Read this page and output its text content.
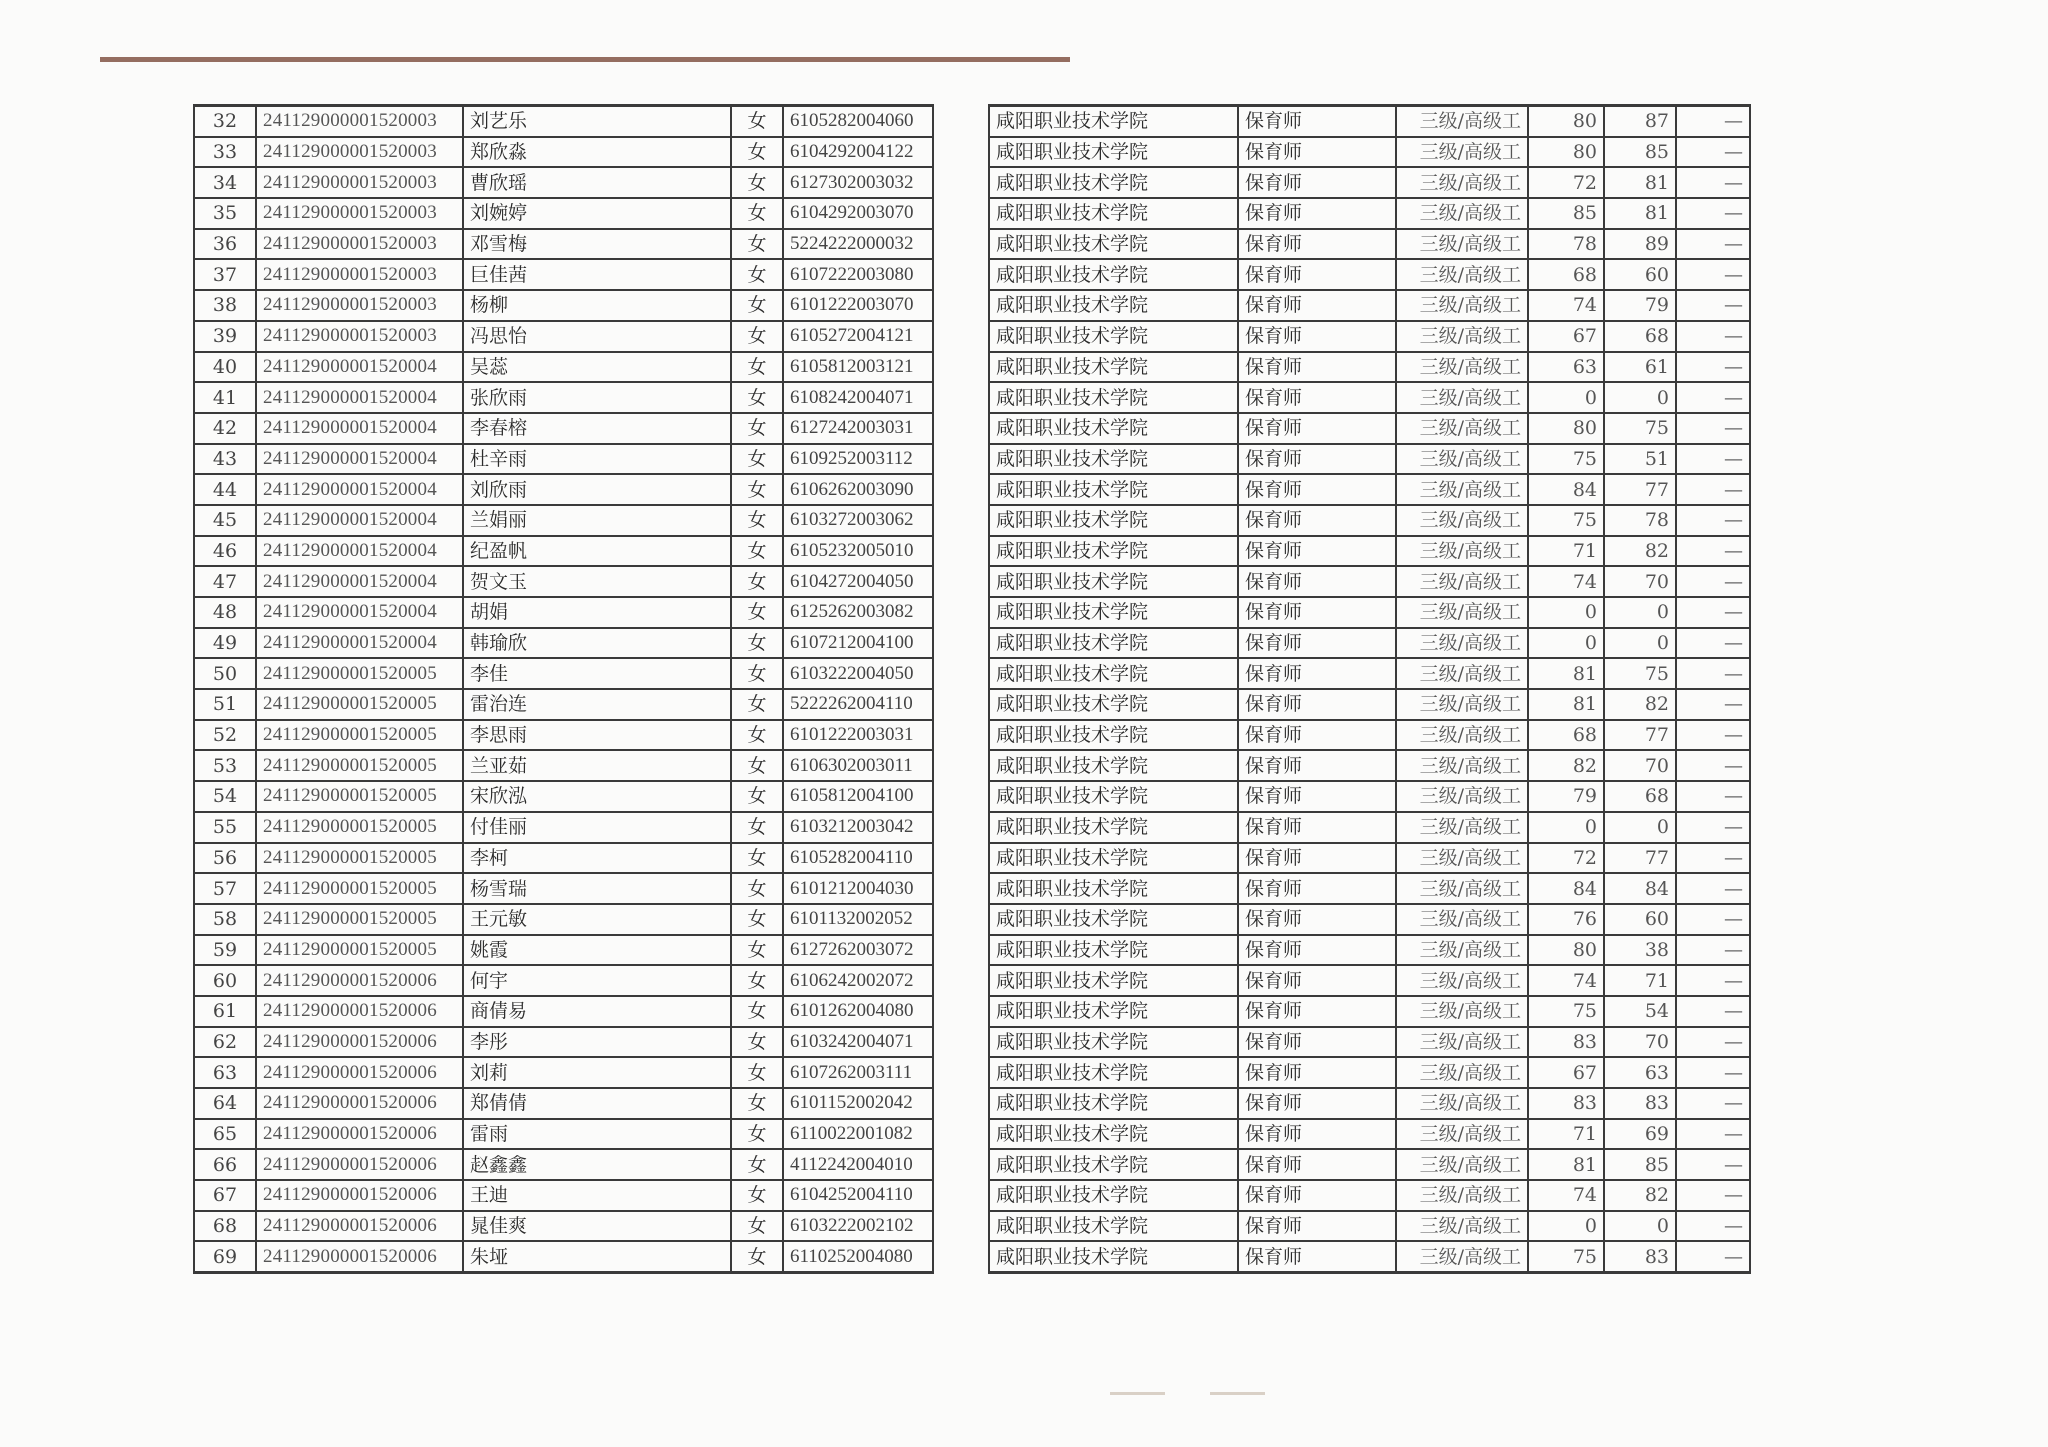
32	241129000001520003	刘艺乐	女	6105282004060		咸阳职业技术学院	保育师	三级/高级工	80	87	—
33	241129000001520003	郑欣淼	女	6104292004122		咸阳职业技术学院	保育师	三级/高级工	80	85	—
34	241129000001520003	曹欣瑶	女	6127302003032		咸阳职业技术学院	保育师	三级/高级工	72	81	—
35	241129000001520003	刘婉婷	女	6104292003070		咸阳职业技术学院	保育师	三级/高级工	85	81	—
36	241129000001520003	邓雪梅	女	5224222000032		咸阳职业技术学院	保育师	三级/高级工	78	89	—
37	241129000001520003	巨佳茜	女	6107222003080		咸阳职业技术学院	保育师	三级/高级工	68	60	—
38	241129000001520003	杨柳	女	6101222003070		咸阳职业技术学院	保育师	三级/高级工	74	79	—
39	241129000001520003	冯思怡	女	6105272004121		咸阳职业技术学院	保育师	三级/高级工	67	68	—
40	241129000001520004	吴蕊	女	6105812003121		咸阳职业技术学院	保育师	三级/高级工	63	61	—
41	241129000001520004	张欣雨	女	6108242004071		咸阳职业技术学院	保育师	三级/高级工	0	0	—
42	241129000001520004	李春榕	女	6127242003031		咸阳职业技术学院	保育师	三级/高级工	80	75	—
43	241129000001520004	杜辛雨	女	6109252003112		咸阳职业技术学院	保育师	三级/高级工	75	51	—
44	241129000001520004	刘欣雨	女	6106262003090		咸阳职业技术学院	保育师	三级/高级工	84	77	—
45	241129000001520004	兰娟丽	女	6103272003062		咸阳职业技术学院	保育师	三级/高级工	75	78	—
46	241129000001520004	纪盈帆	女	6105232005010		咸阳职业技术学院	保育师	三级/高级工	71	82	—
47	241129000001520004	贺文玉	女	6104272004050		咸阳职业技术学院	保育师	三级/高级工	74	70	—
48	241129000001520004	胡娟	女	6125262003082		咸阳职业技术学院	保育师	三级/高级工	0	0	—
49	241129000001520004	韩瑜欣	女	6107212004100		咸阳职业技术学院	保育师	三级/高级工	0	0	—
50	241129000001520005	李佳	女	6103222004050		咸阳职业技术学院	保育师	三级/高级工	81	75	—
51	241129000001520005	雷治连	女	5222262004110		咸阳职业技术学院	保育师	三级/高级工	81	82	—
52	241129000001520005	李思雨	女	6101222003031		咸阳职业技术学院	保育师	三级/高级工	68	77	—
53	241129000001520005	兰亚茹	女	6106302003011		咸阳职业技术学院	保育师	三级/高级工	82	70	—
54	241129000001520005	宋欣泓	女	6105812004100		咸阳职业技术学院	保育师	三级/高级工	79	68	—
55	241129000001520005	付佳丽	女	6103212003042		咸阳职业技术学院	保育师	三级/高级工	0	0	—
56	241129000001520005	李柯	女	6105282004110		咸阳职业技术学院	保育师	三级/高级工	72	77	—
57	241129000001520005	杨雪瑞	女	6101212004030		咸阳职业技术学院	保育师	三级/高级工	84	84	—
58	241129000001520005	王元敏	女	6101132002052		咸阳职业技术学院	保育师	三级/高级工	76	60	—
59	241129000001520005	姚霞	女	6127262003072		咸阳职业技术学院	保育师	三级/高级工	80	38	—
60	241129000001520006	何宇	女	6106242002072		咸阳职业技术学院	保育师	三级/高级工	74	71	—
61	241129000001520006	商倩易	女	6101262004080		咸阳职业技术学院	保育师	三级/高级工	75	54	—
62	241129000001520006	李彤	女	6103242004071		咸阳职业技术学院	保育师	三级/高级工	83	70	—
63	241129000001520006	刘莉	女	6107262003111		咸阳职业技术学院	保育师	三级/高级工	67	63	—
64	241129000001520006	郑倩倩	女	6101152002042		咸阳职业技术学院	保育师	三级/高级工	83	83	—
65	241129000001520006	雷雨	女	6110022001082		咸阳职业技术学院	保育师	三级/高级工	71	69	—
66	241129000001520006	赵鑫鑫	女	4112242004010		咸阳职业技术学院	保育师	三级/高级工	81	85	—
67	241129000001520006	王迪	女	6104252004110		咸阳职业技术学院	保育师	三级/高级工	74	82	—
68	241129000001520006	晁佳爽	女	6103222002102		咸阳职业技术学院	保育师	三级/高级工	0	0	—
69	241129000001520006	朱垭	女	6110252004080		咸阳职业技术学院	保育师	三级/高级工	75	83	—
